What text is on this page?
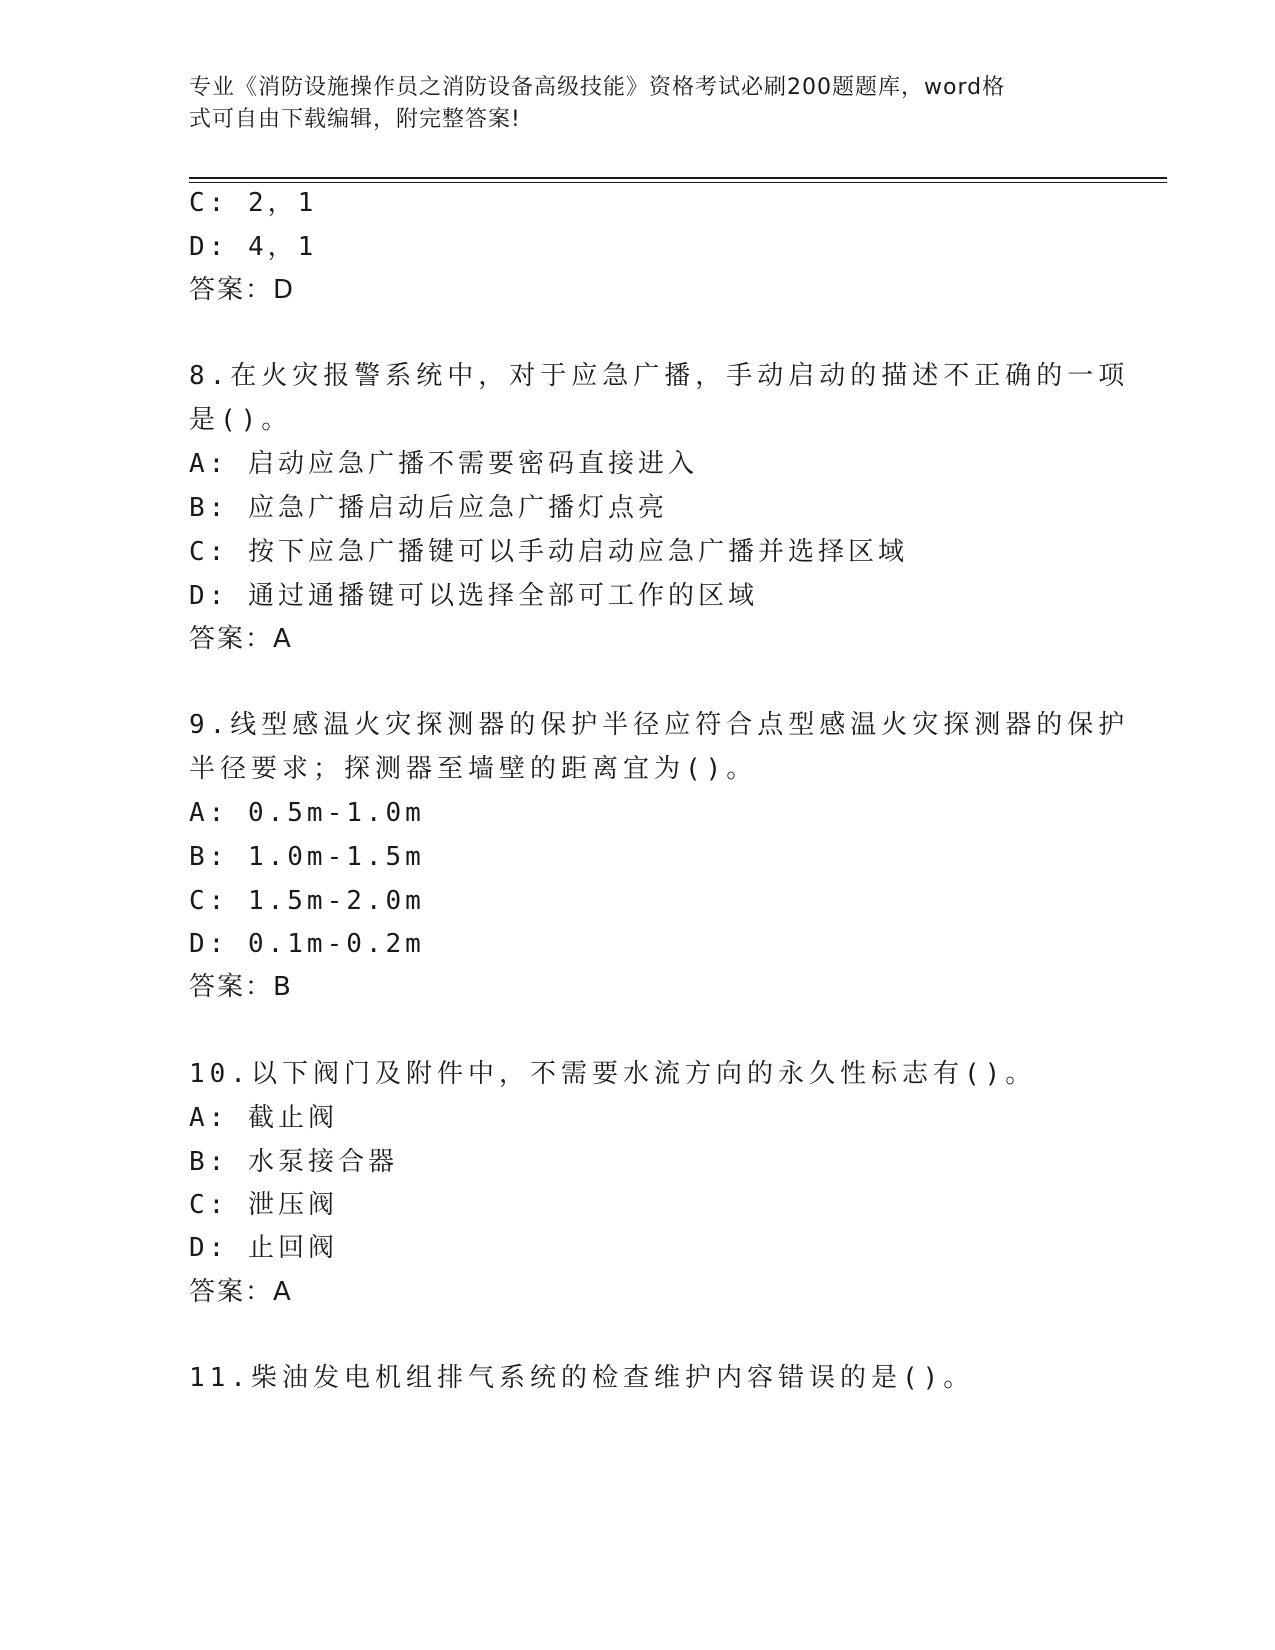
专业《消防设施操作员之消防设备高级技能》资格考试必刷200题题库，word格
式可自由下载编辑，附完整答案!
C: 2，1
D: 4，1
答案：D
8.在火灾报警系统中，对于应急广播，手动启动的描述不正确的一项
是()。
A: 启动应急广播不需要密码直接进入
B: 应急广播启动后应急广播灯点亮
C: 按下应急广播键可以手动启动应急广播并选择区域
D: 通过通播键可以选择全部可工作的区域
答案：A
9.线型感温火灾探测器的保护半径应符合点型感温火灾探测器的保护
半径要求；探测器至墙壁的距离宜为()。
A: 0.5m-1.0m
B: 1.0m-1.5m
C: 1.5m-2.0m
D: 0.1m-0.2m
答案：B
10.以下阀门及附件中，不需要水流方向的永久性标志有()。
A: 截止阀
B: 水泵接合器
C: 泄压阀
D: 止回阀
答案：A
11.柴油发电机组排气系统的检查维护内容错误的是()。
